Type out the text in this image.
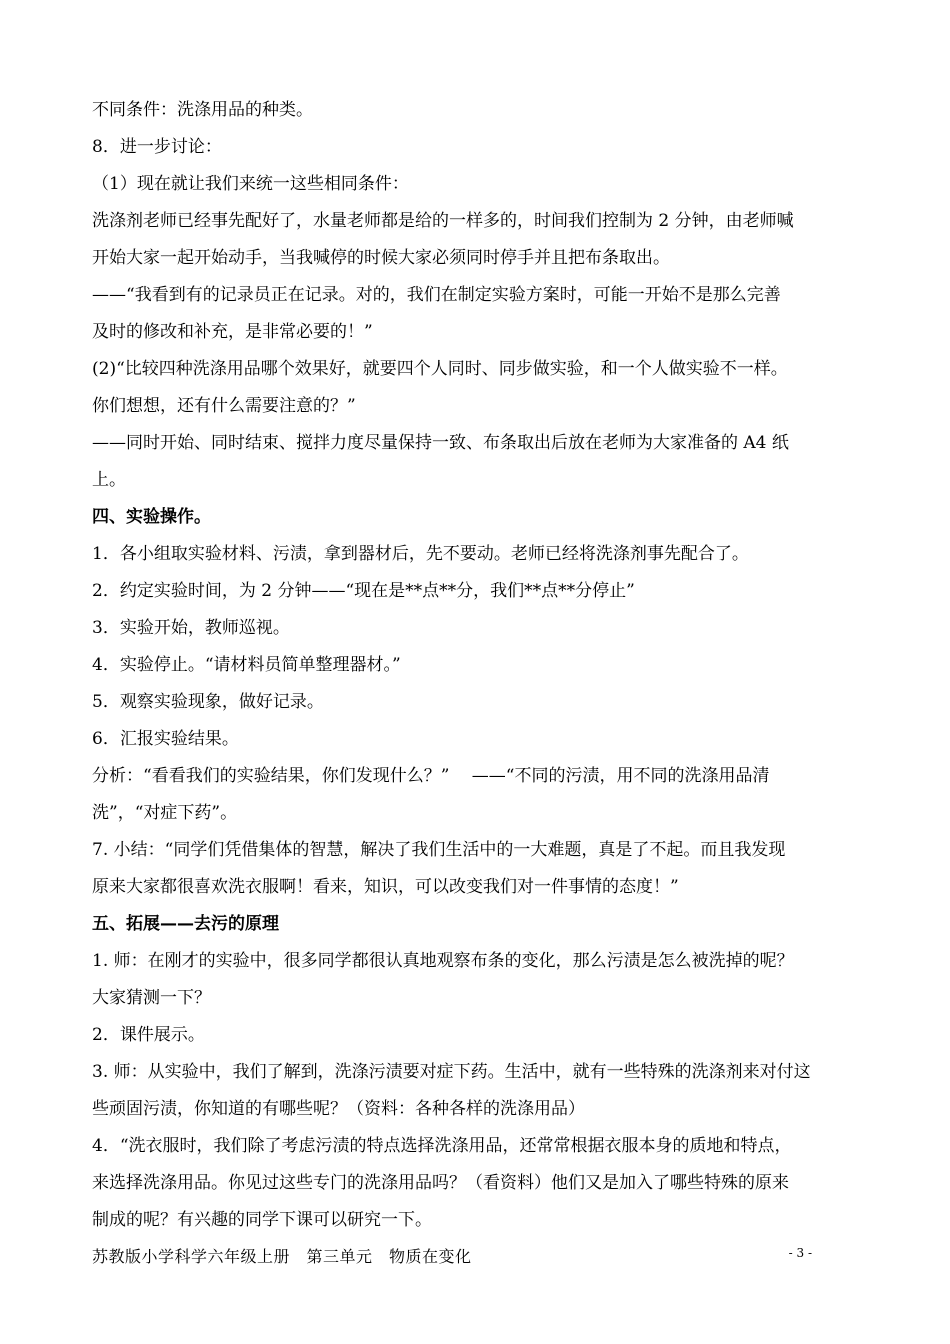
不同条件：洗涤用品的种类。
8．进一步讨论：
（1）现在就让我们来统一这些相同条件：
洗涤剂老师已经事先配好了，水量老师都是给的一样多的，时间我们控制为 2 分钟，由老师喊
开始大家一起开始动手，当我喊停的时候大家必须同时停手并且把布条取出。
——“我看到有的记录员正在记录。对的，我们在制定实验方案时，可能一开始不是那么完善
及时的修改和补充，是非常必要的！”
(2)“比较四种洗涤用品哪个效果好，就要四个人同时、同步做实验，和一个人做实验不一样。
你们想想，还有什么需要注意的？”
——同时开始、同时结束、搅拌力度尽量保持一致、布条取出后放在老师为大家准备的 A4 纸
上。
四、实验操作。
1．各小组取实验材料、污渍，拿到器材后，先不要动。老师已经将洗涤剂事先配合了。
2．约定实验时间，为 2 分钟——“现在是**点**分，我们**点**分停止”
3．实验开始，教师巡视。
4．实验停止。“请材料员简单整理器材。”
5．观察实验现象，做好记录。
6．汇报实验结果。
分析：“看看我们的实验结果，你们发现什么？”　 ——“不同的污渍，用不同的洗涤用品清
洗”，“对症下药”。
7. 小结：“同学们凭借集体的智慧，解决了我们生活中的一大难题，真是了不起。而且我发现
原来大家都很喜欢洗衣服啊！看来，知识，可以改变我们对一件事情的态度！”
五、拓展——去污的原理
1. 师：在刚才的实验中，很多同学都很认真地观察布条的变化，那么污渍是怎么被洗掉的呢？
大家猜测一下？
2．课件展示。
3. 师：从实验中，我们了解到，洗涤污渍要对症下药。生活中，就有一些特殊的洗涤剂来对付这
些顽固污渍，你知道的有哪些呢？（资料：各种各样的洗涤用品）
4．“洗衣服时，我们除了考虑污渍的特点选择洗涤用品，还常常根据衣服本身的质地和特点，
来选择洗涤用品。你见过这些专门的洗涤用品吗？（看资料）他们又是加入了哪些特殊的原来
制成的呢？有兴趣的同学下课可以研究一下。
苏教版小学科学六年级上册　第三单元　物质在变化	- 3 -
